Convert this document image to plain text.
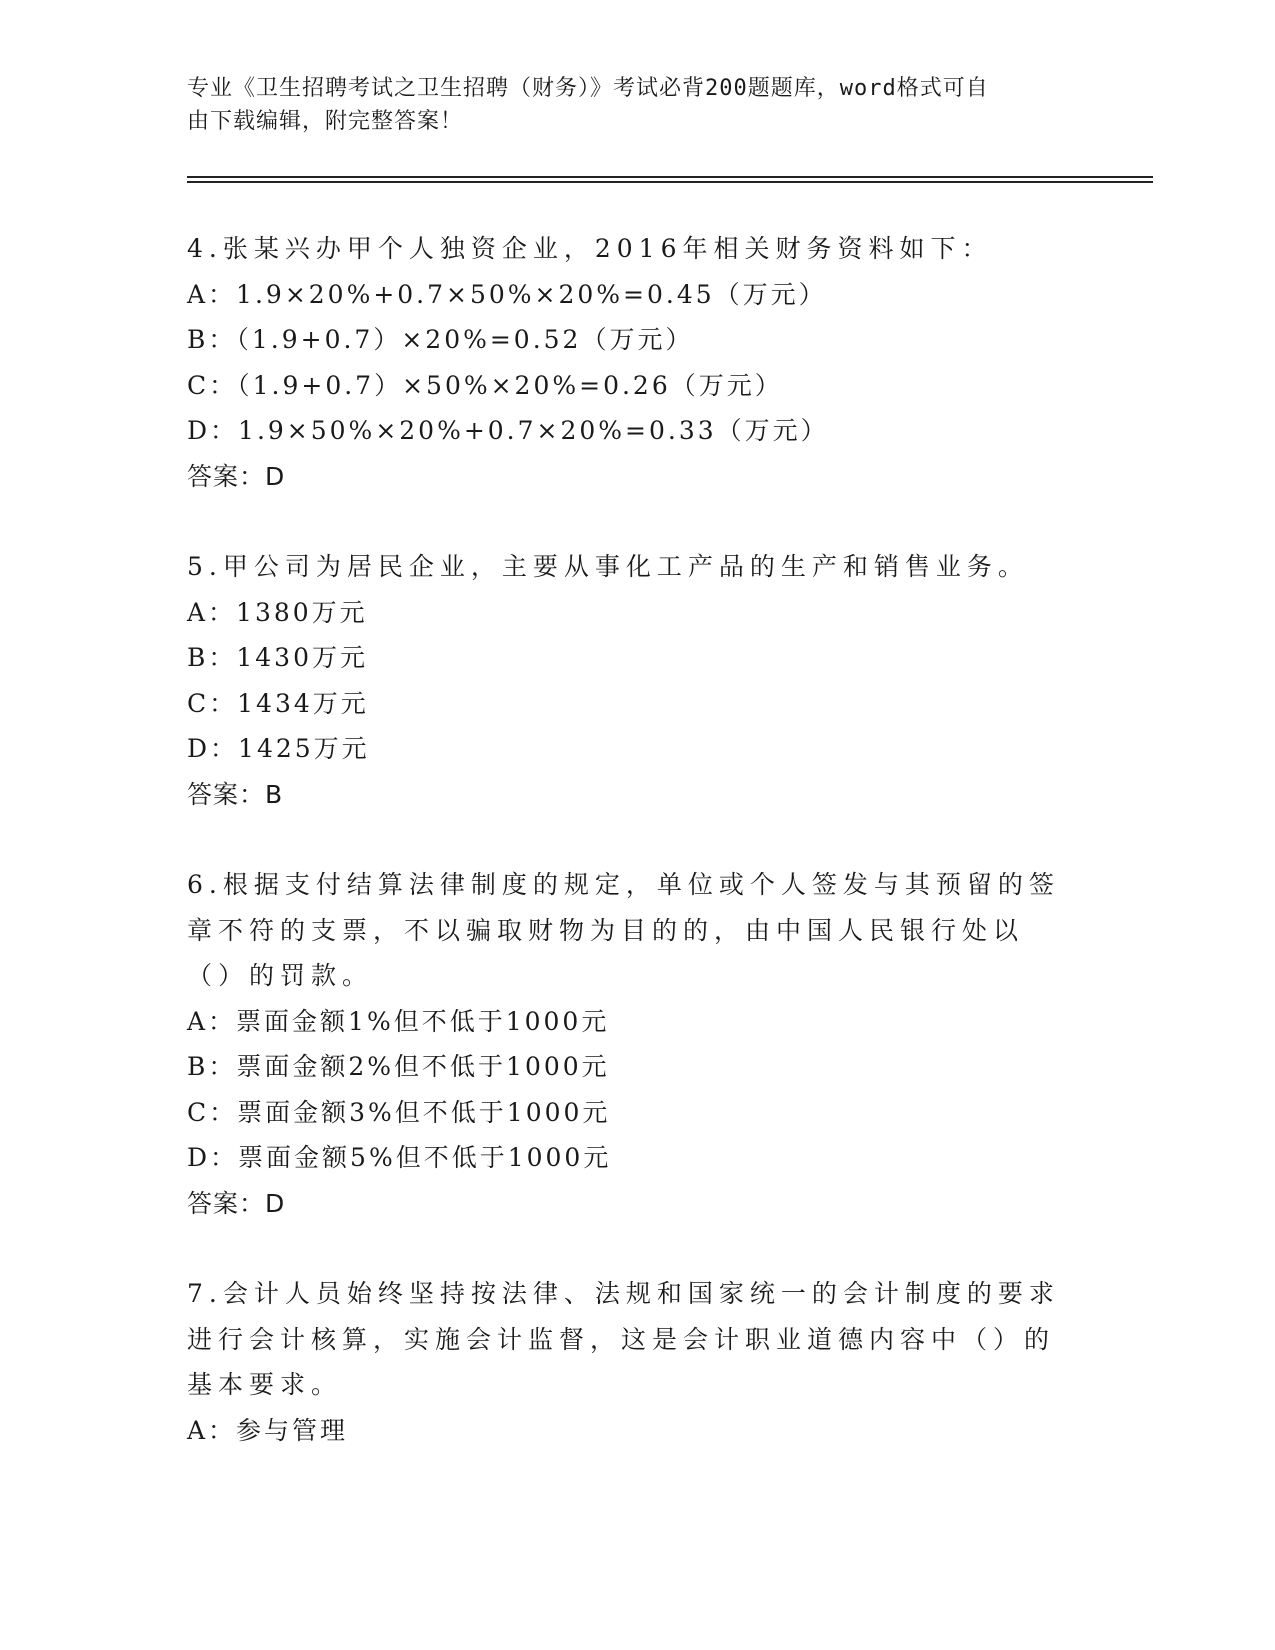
专业《卫生招聘考试之卫生招聘（财务）》考试必背200题题库，word格式可自
由下载编辑，附完整答案！
4.张某兴办甲个人独资企业，2016年相关财务资料如下：
A：1.9×20%+0.7×50%×20%=0.45（万元）
B：（1.9+0.7）×20%=0.52（万元）
C：（1.9+0.7）×50%×20%=0.26（万元）
D：1.9×50%×20%+0.7×20%=0.33（万元）
答案：D
5.甲公司为居民企业，主要从事化工产品的生产和销售业务。
A：1380万元
B：1430万元
C：1434万元
D：1425万元
答案：B
6.根据支付结算法律制度的规定，单位或个人签发与其预留的签章不符的支票，不以骗取财物为目的的，由中国人民银行处以（）的罚款。
A：票面金额1%但不低于1000元
B：票面金额2%但不低于1000元
C：票面金额3%但不低于1000元
D：票面金额5%但不低于1000元
答案：D
7.会计人员始终坚持按法律、法规和国家统一的会计制度的要求进行会计核算，实施会计监督，这是会计职业道德内容中（）的基本要求。
A：参与管理
